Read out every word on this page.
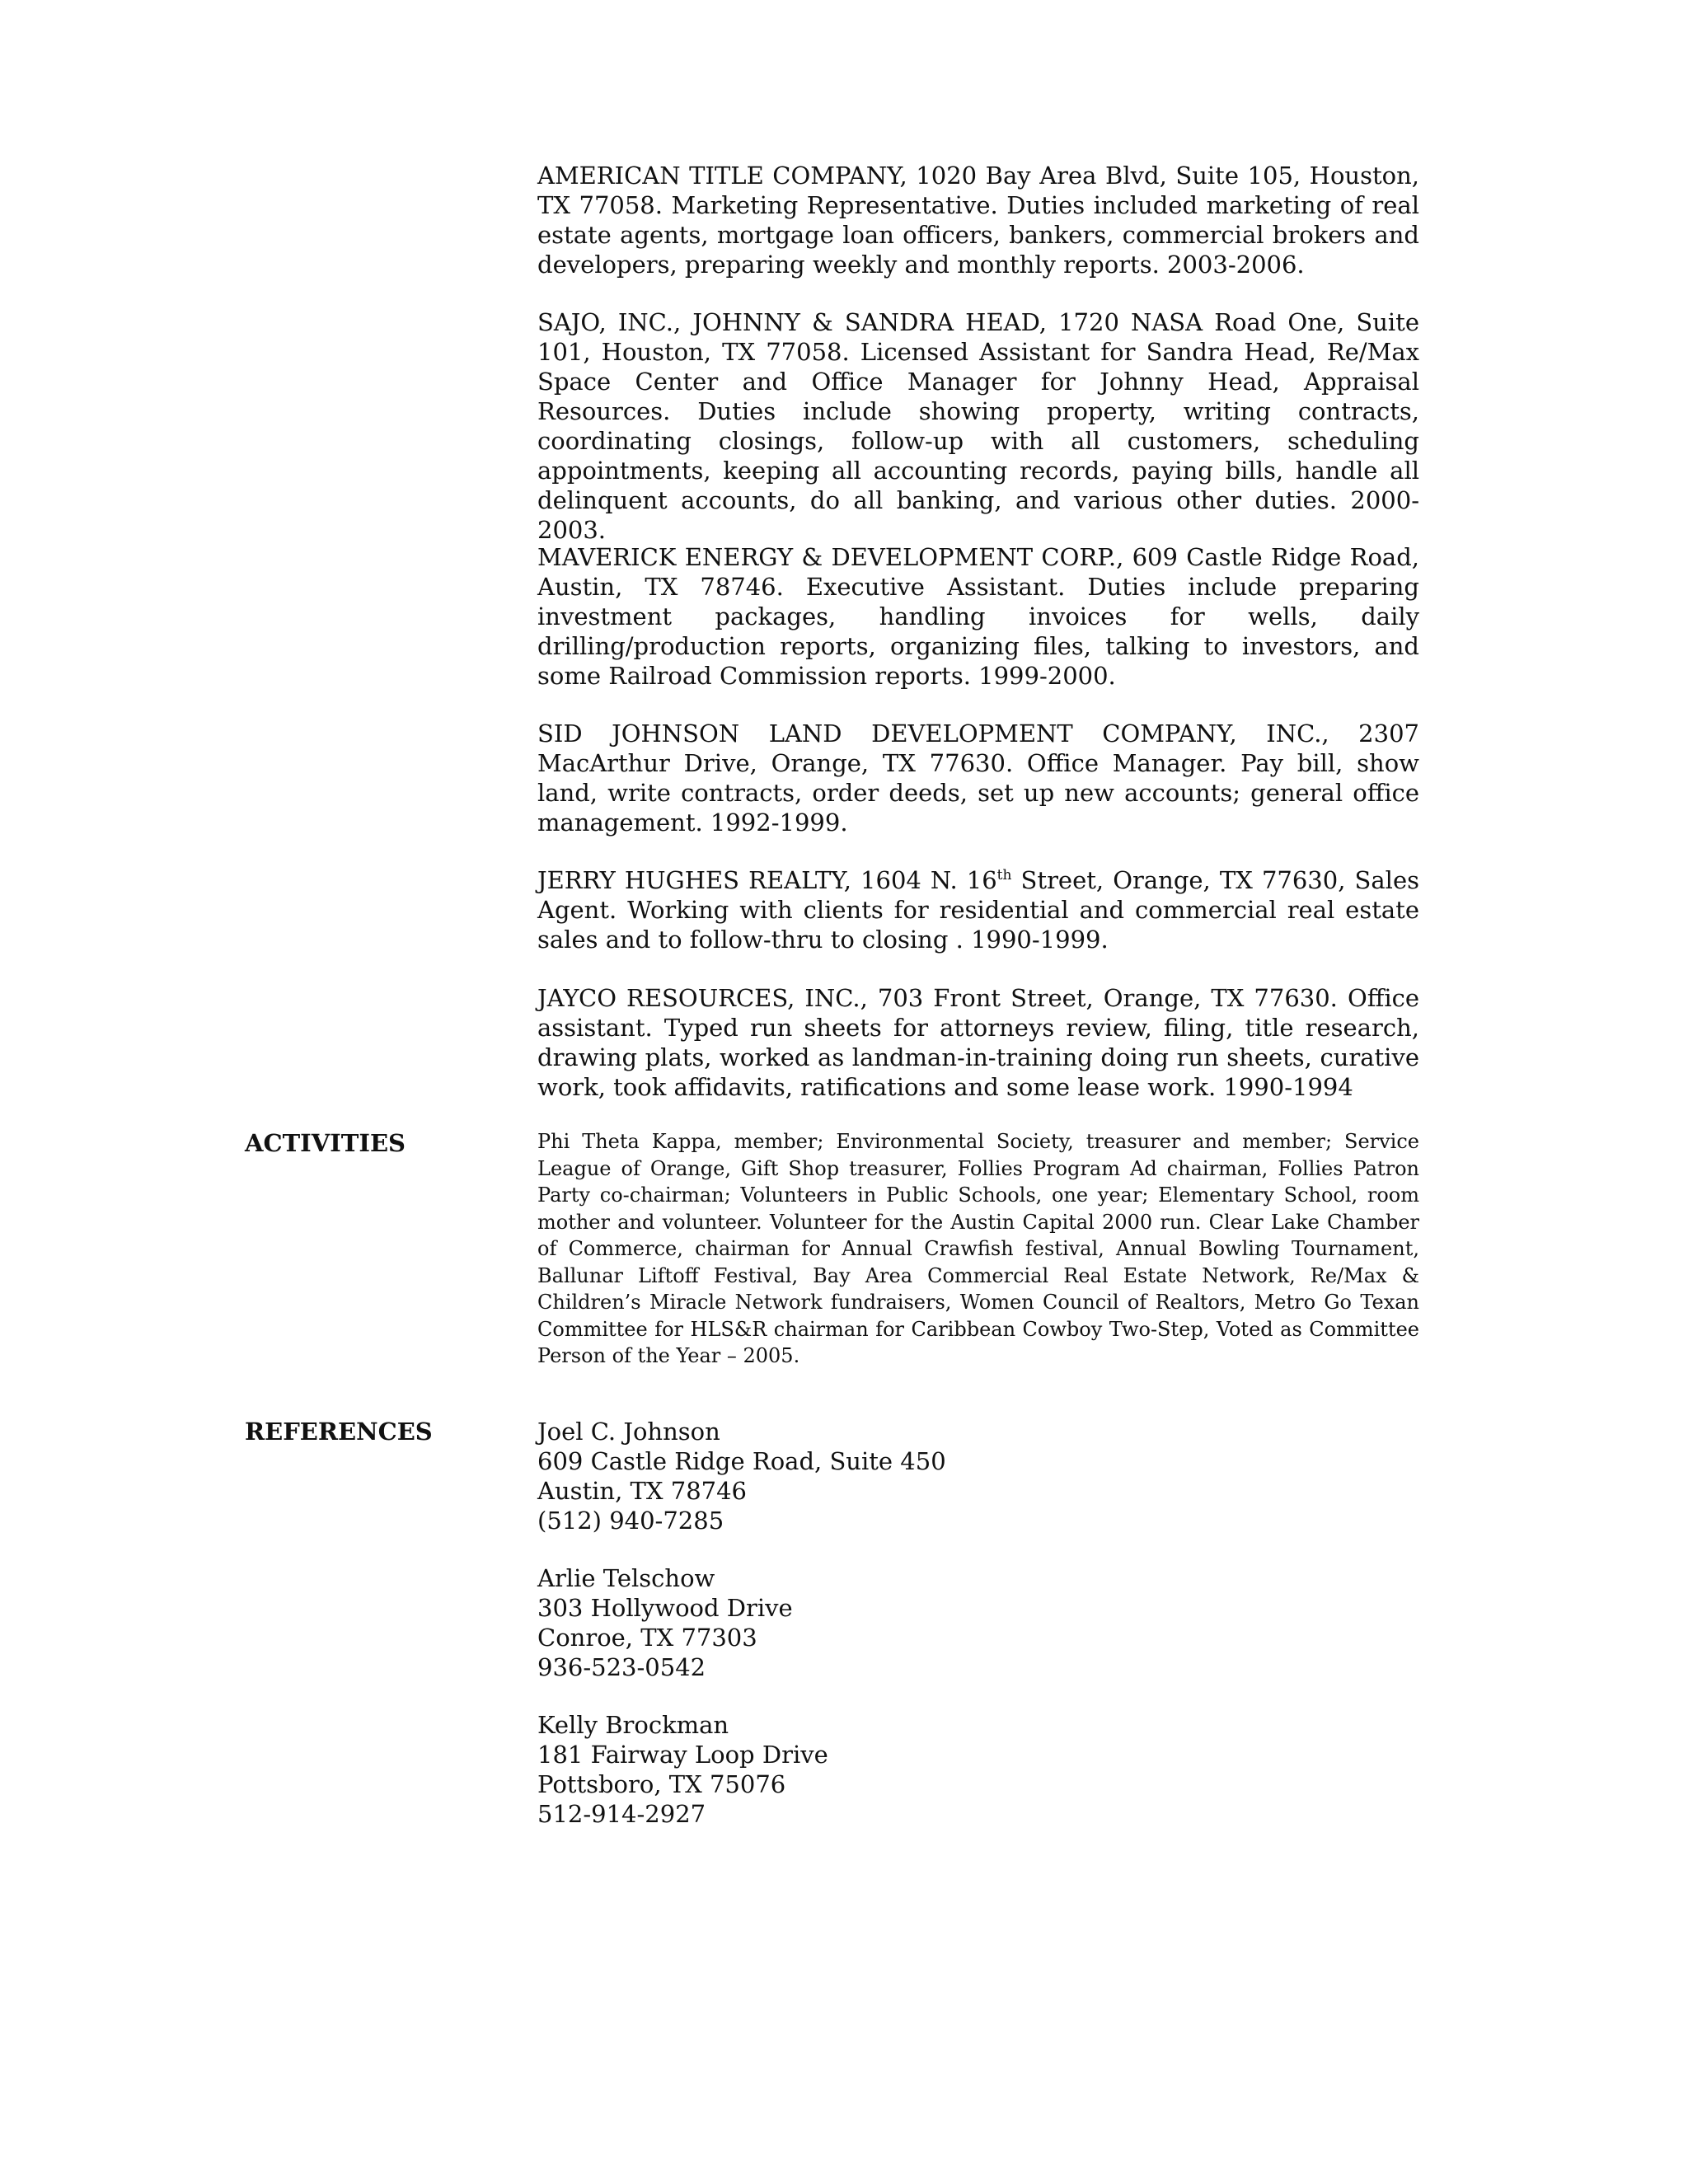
AMERICAN TITLE COMPANY, 1020 Bay Area Blvd, Suite 105, Houston, TX 77058. Marketing Representative. Duties included marketing of real estate agents, mortgage loan officers, bankers, commercial brokers and developers, preparing weekly and monthly reports. 2003-2006.

SAJO, INC., JOHNNY & SANDRA HEAD, 1720 NASA Road One, Suite 101, Houston, TX 77058. Licensed Assistant for Sandra Head, Re/Max Space Center and Office Manager for Johnny Head, Appraisal Resources. Duties include showing property, writing contracts, coordinating closings, follow-up with all customers, scheduling appointments, keeping all accounting records, paying bills, handle all delinquent accounts, do all banking, and various other duties. 2000-2003.

MAVERICK ENERGY & DEVELOPMENT CORP., 609 Castle Ridge Road, Austin, TX 78746. Executive Assistant. Duties include preparing investment packages, handling invoices for wells, daily drilling/production reports, organizing files, talking to investors, and some Railroad Commission reports. 1999-2000.

SID JOHNSON LAND DEVELOPMENT COMPANY, INC., 2307 MacArthur Drive, Orange, TX 77630. Office Manager. Pay bill, show land, write contracts, order deeds, set up new accounts; general office management. 1992-1999.

JERRY HUGHES REALTY, 1604 N. 16th Street, Orange, TX 77630, Sales Agent. Working with clients for residential and commercial real estate sales and to follow-thru to closing . 1990-1999.

JAYCO RESOURCES, INC., 703 Front Street, Orange, TX 77630. Office assistant. Typed run sheets for attorneys review, filing, title research, drawing plats, worked as landman-in-training doing run sheets, curative work, took affidavits, ratifications and some lease work. 1990-1994

ACTIVITIES	Phi Theta Kappa, member; Environmental Society, treasurer and member; Service League of Orange, Gift Shop treasurer, Follies Program Ad chairman, Follies Patron Party co-chairman; Volunteers in Public Schools, one year; Elementary School, room mother and volunteer. Volunteer for the Austin Capital 2000 run. Clear Lake Chamber of Commerce, chairman for Annual Crawfish festival, Annual Bowling Tournament, Ballunar Liftoff Festival, Bay Area Commercial Real Estate Network, Re/Max & Children’s Miracle Network fundraisers, Women Council of Realtors, Metro Go Texan Committee for HLS&R chairman for Caribbean Cowboy Two-Step, Voted as Committee Person of the Year – 2005.

REFERENCES	Joel C. Johnson
609 Castle Ridge Road, Suite 450
Austin, TX 78746
(512) 940-7285
Arlie Telschow
303 Hollywood Drive
Conroe, TX 77303
936-523-0542
Kelly Brockman
181 Fairway Loop Drive
Pottsboro, TX 75076
512-914-2927
